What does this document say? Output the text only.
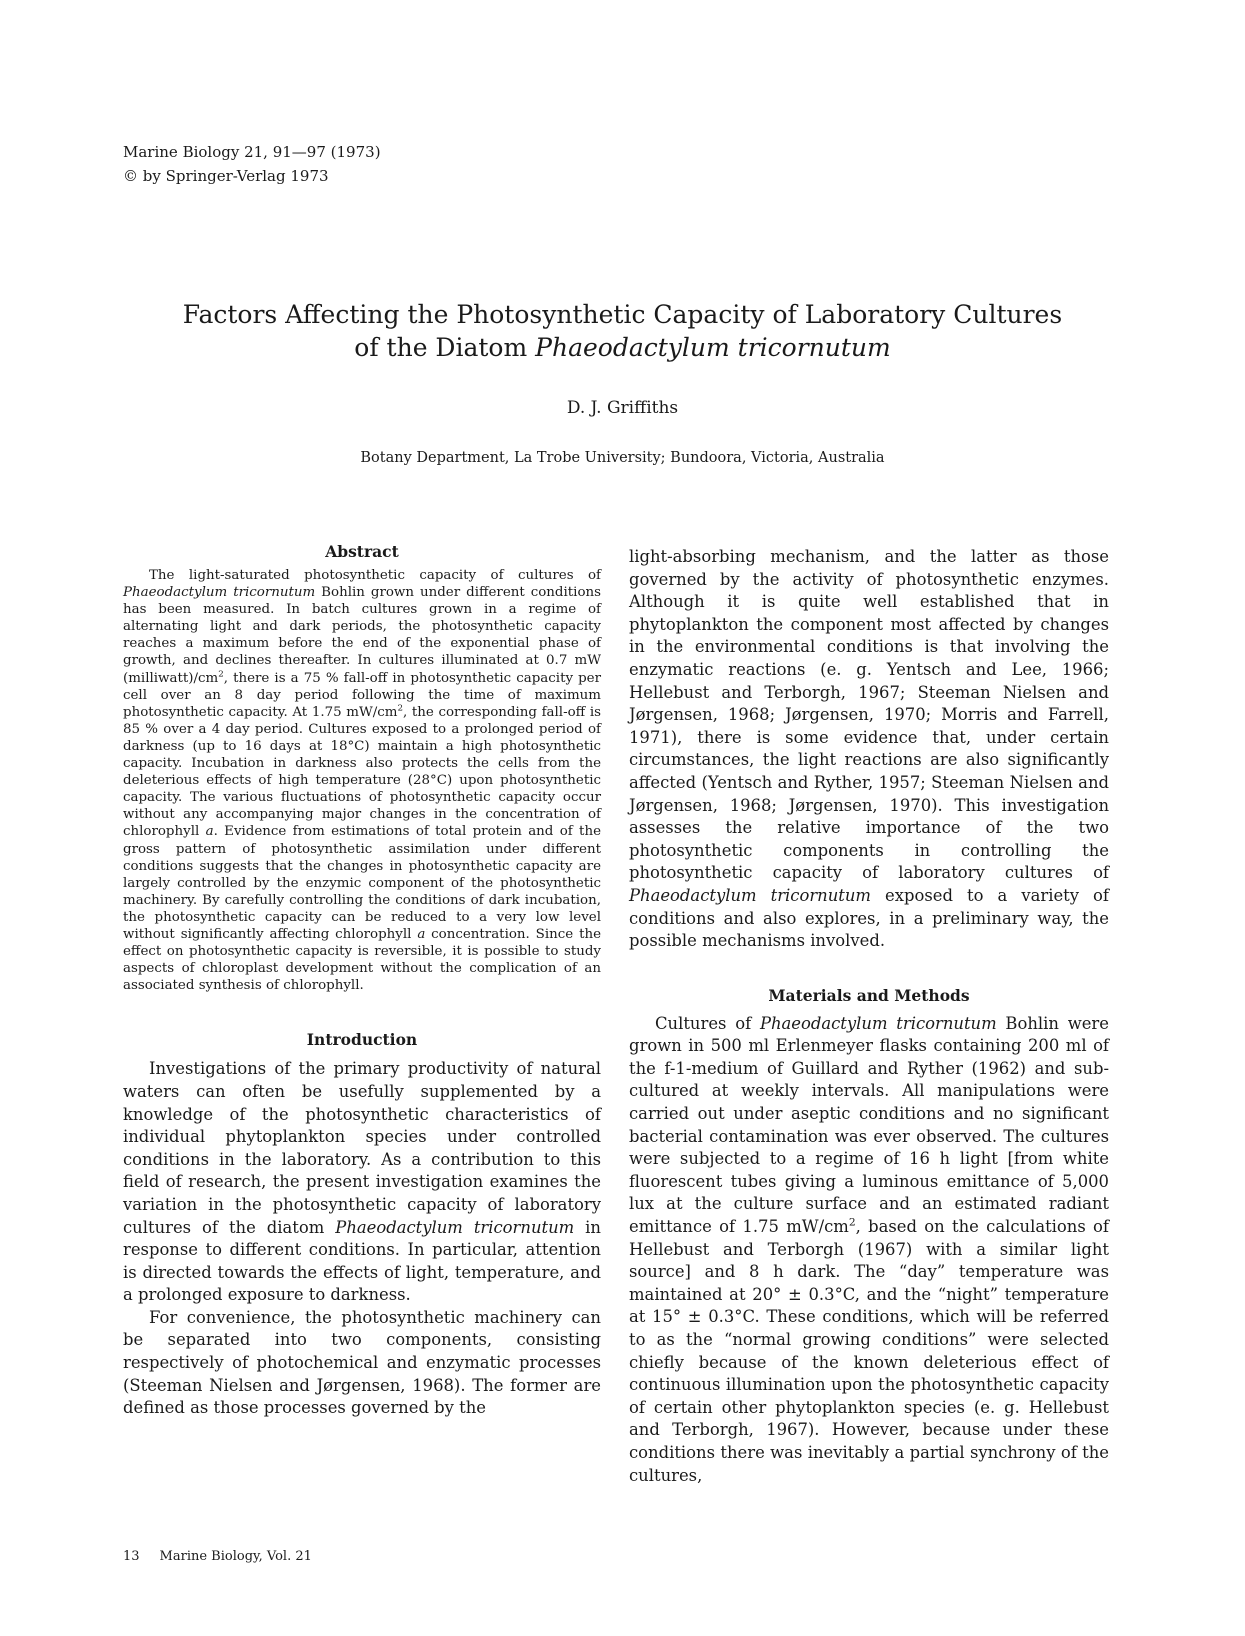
Marine Biology 21, 91—97 (1973)
© by Springer-Verlag 1973
Factors Affecting the Photosynthetic Capacity of Laboratory Cultures
of the Diatom Phaeodactylum tricornutum
D. J. Griffiths
Botany Department, La Trobe University; Bundoora, Victoria, Australia
Abstract

The light-saturated photosynthetic capacity of cultures of Phaeodactylum tricornutum Bohlin grown under different conditions has been measured. In batch cultures grown in a regime of alternating light and dark periods, the photosynthetic capacity reaches a maximum before the end of the exponential phase of growth, and declines thereafter. In cultures illuminated at 0.7 mW $(milliwatt)/cm^2$, there is a 75 % fall-off in photosynthetic capacity per cell over an 8 day period following the time of maximum photosynthetic capacity. At 1.75 $mW/cm^2$, the corresponding fall-off is 85 % over a 4 day period. Cultures exposed to a prolonged period of darkness (up to 16 days at 18°C) maintain a high photosynthetic capacity. Incubation in darkness also protects the cells from the deleterious effects of high temperature (28°C) upon photosynthetic capacity. The various fluctuations of photosynthetic capacity occur without any accompanying major changes in the concentration of chlorophyll a. Evidence from estimations of total protein and of the gross pattern of photosynthetic assimilation under different conditions suggests that the changes in photosynthetic capacity are largely controlled by the enzymic component of the photosynthetic machinery. By carefully controlling the conditions of dark incubation, the photosynthetic capacity can be reduced to a very low level without significantly affecting chlorophyll a concentration. Since the effect on photosynthetic capacity is reversible, it is possible to study aspects of chloroplast development without the complication of an associated synthesis of chlorophyll.

Introduction

Investigations of the primary productivity of natural waters can often be usefully supplemented by a knowledge of the photosynthetic characteristics of individual phytoplankton species under controlled conditions in the laboratory. As a contribution to this field of research, the present investigation examines the variation in the photosynthetic capacity of laboratory cultures of the diatom Phaeodactylum tricornutum in response to different conditions. In particular, attention is directed towards the effects of light, temperature, and a prolonged exposure to darkness.

For convenience, the photosynthetic machinery can be separated into two components, consisting respectively of photochemical and enzymatic processes (Steeman Nielsen and Jørgensen, 1968). The former are defined as those processes governed by the

light-absorbing mechanism, and the latter as those governed by the activity of photosynthetic enzymes. Although it is quite well established that in phytoplankton the component most affected by changes in the environmental conditions is that involving the enzymatic reactions (e. g. Yentsch and Lee, 1966; Hellebust and Terborgh, 1967; Steeman Nielsen and Jørgensen, 1968; Jørgensen, 1970; Morris and Farrell, 1971), there is some evidence that, under certain circumstances, the light reactions are also significantly affected (Yentsch and Ryther, 1957; Steeman Nielsen and Jørgensen, 1968; Jørgensen, 1970). This investigation assesses the relative importance of the two photosynthetic components in controlling the photosynthetic capacity of laboratory cultures of Phaeodactylum tricornutum exposed to a variety of conditions and also explores, in a preliminary way, the possible mechanisms involved.

Materials and Methods

Cultures of Phaeodactylum tricornutum Bohlin were grown in 500 ml Erlenmeyer flasks containing 200 ml of the f-1-medium of Guillard and Ryther (1962) and sub-cultured at weekly intervals. All manipulations were carried out under aseptic conditions and no significant bacterial contamination was ever observed. The cultures were subjected to a regime of 16 h light [from white fluorescent tubes giving a luminous emittance of 5,000 lux at the culture surface and an estimated radiant emittance of 1.75 $mW/cm^2$, based on the calculations of Hellebust and Terborgh (1967) with a similar light source] and 8 h dark. The “day” temperature was maintained at 20° ± 0.3°C, and the “night” temperature at 15° ± 0.3°C. These conditions, which will be referred to as the “normal growing conditions” were selected chiefly because of the known deleterious effect of continuous illumination upon the photosynthetic capacity of certain other phytoplankton species (e. g. Hellebust and Terborgh, 1967). However, because under these conditions there was inevitably a partial synchrony of the cultures,

13 Marine Biology, Vol. 21
